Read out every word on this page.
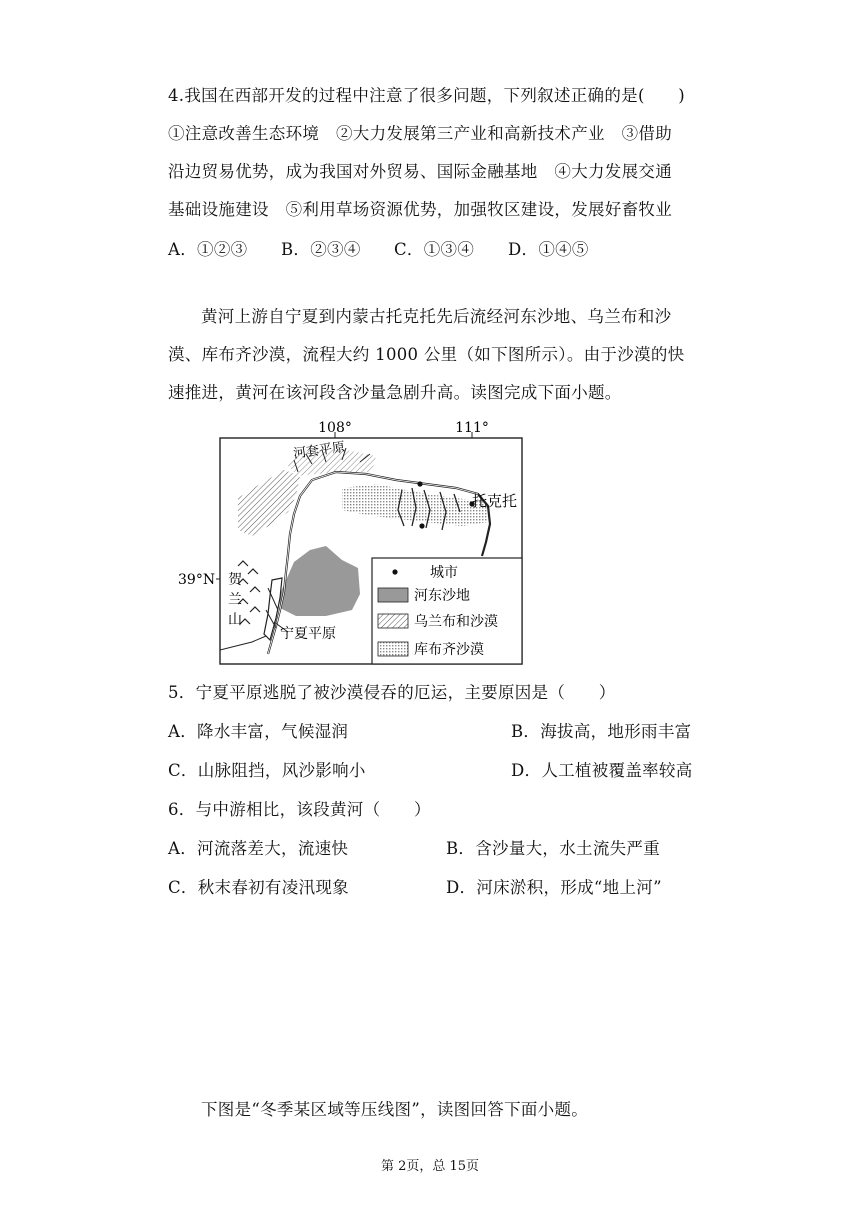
4.我国在西部开发的过程中注意了很多问题，下列叙述正确的是(　　)
①注意改善生态环境　②大力发展第三产业和高新技术产业　③借助
沿边贸易优势，成为我国对外贸易、国际金融基地　④大力发展交通
基础设施建设　⑤利用草场资源优势，加强牧区建设，发展好畜牧业
A．①②③ B．②③④ C．①③④ D．①④⑤
黄河上游自宁夏到内蒙古托克托先后流经河东沙地、乌兰布和沙
漠、库布齐沙漠，流程大约 1000 公里（如下图所示）。由于沙漠的快
速推进，黄河在该河段含沙量急剧升高。读图完成下面小题。
108°	111°
39°N 贺
兰
山
宁夏平原
河套平原
托克托
城市
河东沙地
乌兰布和沙漠
库布齐沙漠
5．宁夏平原逃脱了被沙漠侵吞的厄运，主要原因是（　　）
A．降水丰富，气候湿润	B．海拔高，地形雨丰富
C．山脉阻挡，风沙影响小	D．人工植被覆盖率较高
6．与中游相比，该段黄河（　　）
A．河流落差大，流速快	B．含沙量大，水土流失严重
C．秋末春初有凌汛现象	D．河床淤积，形成“地上河”
下图是“冬季某区域等压线图”，读图回答下面小题。
第 2页，总 15页
